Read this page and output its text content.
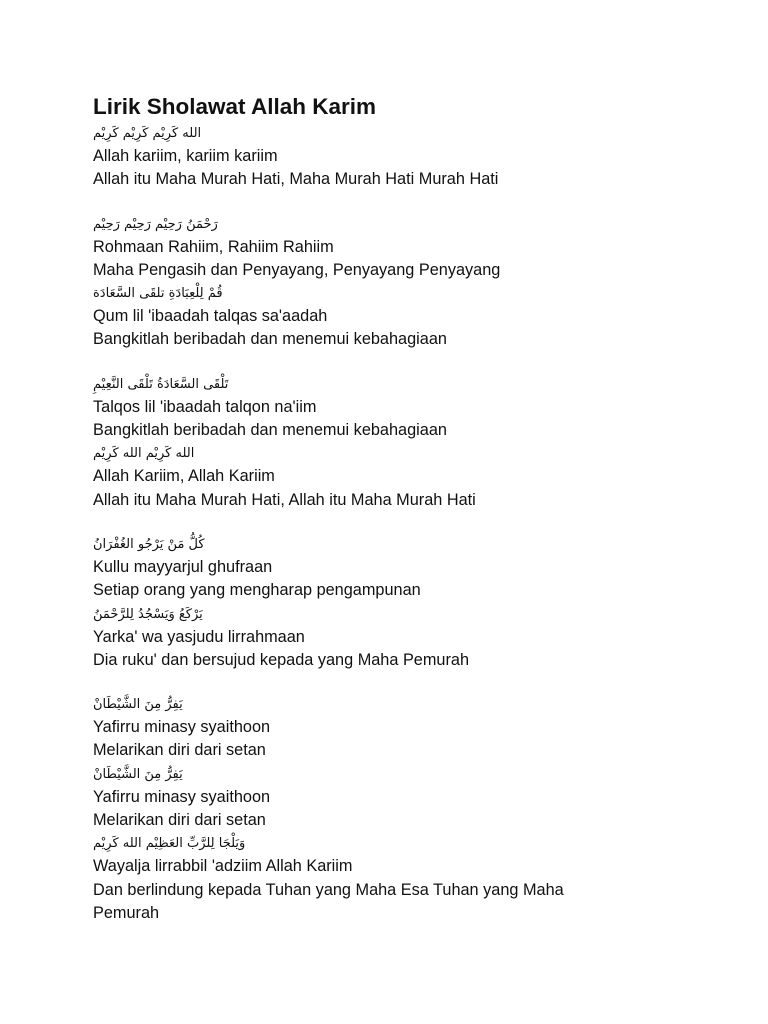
Lirik Sholawat Allah Karim

الله كَرِيْم كَرِيْم كَرِيْم

Allah kariim, kariim kariim

Allah itu Maha Murah Hati, Maha Murah Hati Murah Hati

رَحْمَنُ رَحِيْم رَحِيْم رَحِيْم

Rohmaan Rahiim, Rahiim Rahiim

Maha Pengasih dan Penyayang, Penyayang Penyayang

قُمْ لِلْعِبَادَةِ تلقَى السَّعَادَة

Qum lil 'ibaadah talqas sa'aadah

Bangkitlah beribadah dan menemui kebahagiaan

تَلْقَى السَّعَادَةُ تَلْقَى النَّعِيْمِ

Talqos lil 'ibaadah talqon na'iim

Bangkitlah beribadah dan menemui kebahagiaan

الله كَرِيْم الله كَرِيْم

Allah Kariim, Allah Kariim

Allah itu Maha Murah Hati, Allah itu Maha Murah Hati

كُلُّ مَنْ يَرْجُو الغُفْرَانُ

Kullu mayyarjul ghufraan

Setiap orang yang mengharap pengampunan

يَرْكَعُ وَيَسْجُدُ لِلرَّحْمَنُ

Yarka' wa yasjudu lirrahmaan

Dia ruku' dan bersujud kepada yang Maha Pemurah

يَفِرُّ مِنَ الشَّيْطَانْ

Yafirru minasy syaithoon

Melarikan diri dari setan

يَفِرُّ مِنَ الشَّيْطَانْ

Yafirru minasy syaithoon

Melarikan diri dari setan

وَيَلْجَا لِلرَّبِّ العَظِيْم الله كَرِيْم

Wayalja lirrabbil 'adziim Allah Kariim

Dan berlindung kepada Tuhan yang Maha Esa Tuhan yang Maha

Pemurah
